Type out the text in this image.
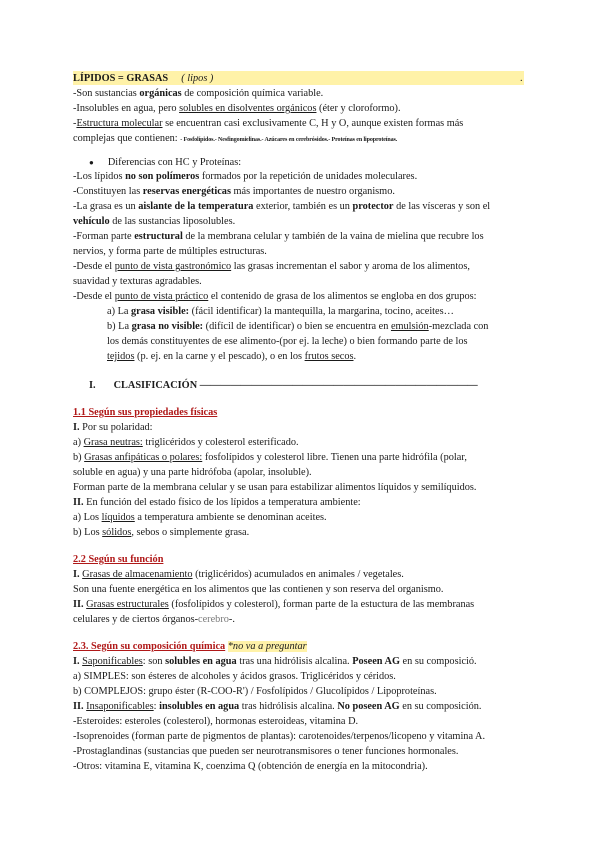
LÍPIDOS = GRASAS ( lipos )	.
-Son sustancias orgánicas de composición química variable.
-Insolubles en agua, pero solubles en disolventes orgánicos (éter y cloroformo).
-Estructura molecular se encuentran casi exclusivamente C, H y O, aunque existen formas más
complejas que contienen: - Fosfolípidos.- Nesfingomielinas.- Azúcares en cerebrósidos.- Proteínas en lipoproteínas.
● Diferencias con HC y Proteínas:
-Los lípidos no son polímeros formados por la repetición de unidades moleculares.
-Constituyen las reservas energéticas más importantes de nuestro organismo.
-La grasa es un aislante de la temperatura exterior, también es un protector de las vísceras y son el
vehículo de las sustancias liposolubles.
-Forman parte estructural de la membrana celular y también de la vaina de mielina que recubre los
nervios, y forma parte de múltiples estructuras.
-Desde el punto de vista gastronómico las grasas incrementan el sabor y aroma de los alimentos,
suavidad y texturas agradables.
-Desde el punto de vista práctico el contenido de grasa de los alimentos se engloba en dos grupos:
a) La grasa visible: (fácil identificar) la mantequilla, la margarina, tocino, aceites…
b) La grasa no visible: (difícil de identificar) o bien se encuentra en emulsión-mezclada con
los demás constituyentes de ese alimento-(por ej. la leche) o bien formando parte de los
tejidos (p. ej. en la carne y el pescado), o en los frutos secos.
I. CLASIFICACIÓN ———————————————————————————
1.1 Según sus propiedades físicas
I. Por su polaridad:
a) Grasa neutras: triglicéridos y colesterol esterificado.
b) Grasas anfipáticas o polares: fosfolípidos y colesterol libre. Tienen una parte hidrófila (polar,
soluble en agua) y una parte hidrófoba (apolar, insoluble).
Forman parte de la membrana celular y se usan para estabilizar alimentos líquidos y semilíquidos.
II. En función del estado físico de los lípidos a temperatura ambiente:
a) Los líquidos a temperatura ambiente se denominan aceites.
b) Los sólidos, sebos o simplemente grasa.
2.2 Según su función
I. Grasas de almacenamiento (triglicéridos) acumulados en animales / vegetales.
Son una fuente energética en los alimentos que las contienen y son reserva del organismo.
II. Grasas estructurales (fosfolípidos y colesterol), forman parte de la estuctura de las membranas
celulares y de ciertos órganos-cerebro-.
2.3. Según su composición química *no va a preguntar
I. Saponificables: son solubles en agua tras una hidrólisis alcalina. Poseen AG en su composició.
a) SIMPLES: son ésteres de alcoholes y ácidos grasos. Triglicéridos y céridos.
b) COMPLEJOS: grupo éster (R-COO-R') / Fosfolípidos / Glucolípidos / Lipoproteínas.
II. Insaponificables: insolubles en agua tras hidrólisis alcalina. No poseen AG en su composición.
-Esteroides: esteroles (colesterol), hormonas esteroideas, vitamina D.
-Isoprenoides (forman parte de pigmentos de plantas): carotenoides/terpenos/licopeno y vitamina A.
-Prostaglandinas (sustancias que pueden ser neurotransmisores o tener funciones hormonales.
-Otros: vitamina E, vitamina K, coenzima Q (obtención de energía en la mitocondria).
